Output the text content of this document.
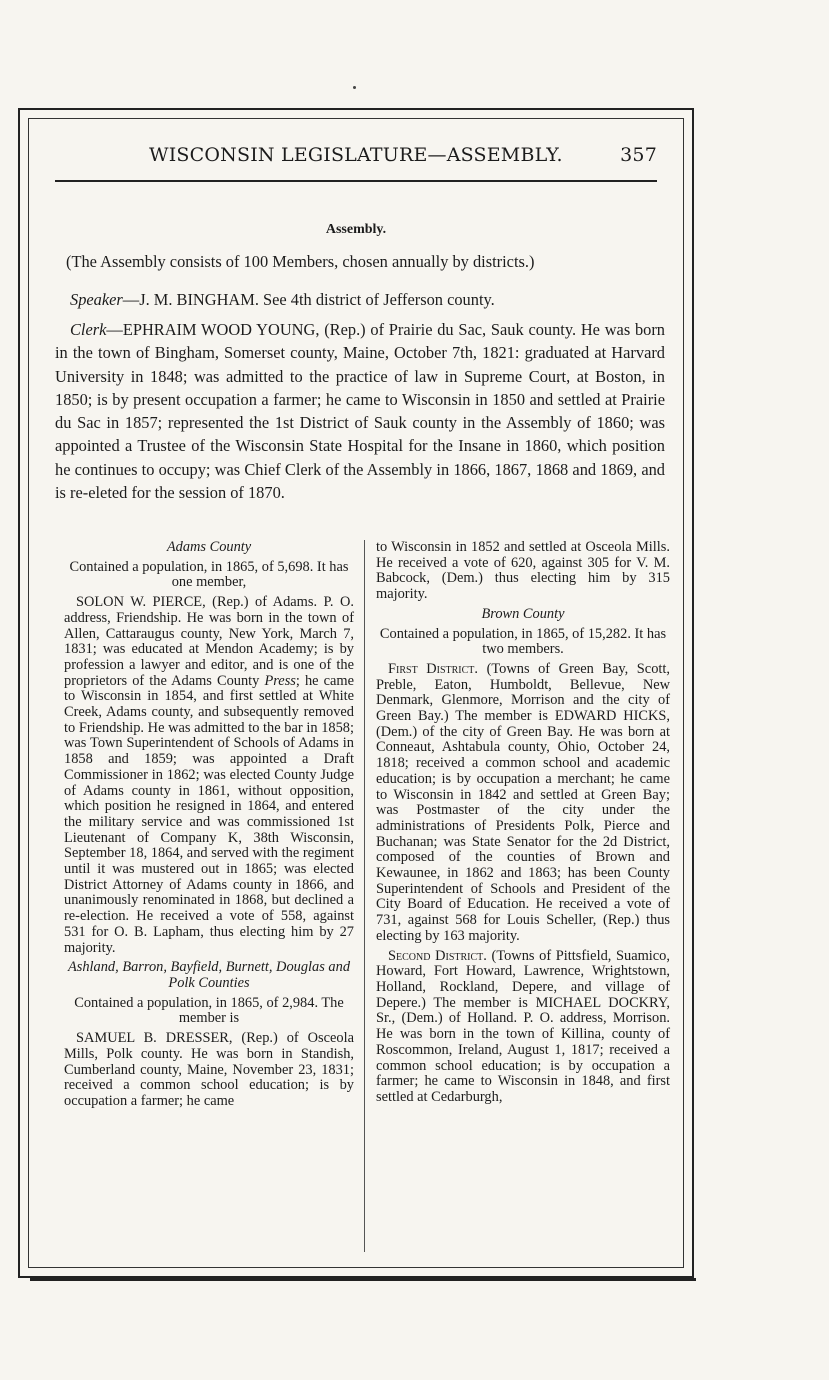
WISCONSIN LEGISLATURE—ASSEMBLY.	357
Assembly.
(The Assembly consists of 100 Members, chosen annually by districts.)
Speaker—J. M. BINGHAM. See 4th district of Jefferson county.
Clerk—EPHRAIM WOOD YOUNG, (Rep.) of Prairie du Sac, Sauk county. He was born in the town of Bingham, Somerset county, Maine, October 7th, 1821: graduated at Harvard University in 1848; was admitted to the practice of law in Supreme Court, at Boston, in 1850; is by present occupation a farmer; he came to Wisconsin in 1850 and settled at Prairie du Sac in 1857; represented the 1st District of Sauk county in the Assembly of 1860; was appointed a Trustee of the Wisconsin State Hospital for the Insane in 1860, which position he continues to occupy; was Chief Clerk of the Assembly in 1866, 1867, 1868 and 1869, and is re-eleted for the session of 1870.
Adams County
Contained a population, in 1865, of 5,698. It has one member,

SOLON W. PIERCE, (Rep.) of Adams. P. O. address, Friendship. He was born in the town of Allen, Cattaraugus county, New York, March 7, 1831; was educated at Mendon Academy; is by profession a lawyer and editor, and is one of the proprietors of the Adams County Press; he came to Wisconsin in 1854, and first settled at White Creek, Adams county, and subsequently removed to Friendship. He was admitted to the bar in 1858; was Town Superintendent of Schools of Adams in 1858 and 1859; was appointed a Draft Commissioner in 1862; was elected County Judge of Adams county in 1861, without opposition, which position he resigned in 1864, and entered the military service and was commissioned 1st Lieutenant of Company K, 38th Wisconsin, September 18, 1864, and served with the regiment until it was mustered out in 1865; was elected District Attorney of Adams county in 1866, and unanimously renominated in 1868, but declined a re-election. He received a vote of 558, against 531 for O. B. Lapham, thus electing him by 27 majority.

Ashland, Barron, Bayfield, Burnett, Douglas and Polk Counties
Contained a population, in 1865, of 2,984. The member is

SAMUEL B. DRESSER, (Rep.) of Osceola Mills, Polk county. He was born in Standish, Cumberland county, Maine, November 23, 1831; received a common school education; is by occupation a farmer; he came

to Wisconsin in 1852 and settled at Osceola Mills. He received a vote of 620, against 305 for V. M. Babcock, (Dem.) thus electing him by 315 majority.

Brown County
Contained a population, in 1865, of 15,282. It has two members.

First District. (Towns of Green Bay, Scott, Preble, Eaton, Humboldt, Bellevue, New Denmark, Glenmore, Morrison and the city of Green Bay.) The member is EDWARD HICKS, (Dem.) of the city of Green Bay. He was born at Conneaut, Ashtabula county, Ohio, October 24, 1818; received a common school and academic education; is by occupation a merchant; he came to Wisconsin in 1842 and settled at Green Bay; was Postmaster of the city under the administrations of Presidents Polk, Pierce and Buchanan; was State Senator for the 2d District, composed of the counties of Brown and Kewaunee, in 1862 and 1863; has been County Superintendent of Schools and President of the City Board of Education. He received a vote of 731, against 568 for Louis Scheller, (Rep.) thus electing by 163 majority.

Second District. (Towns of Pittsfield, Suamico, Howard, Fort Howard, Lawrence, Wrightstown, Holland, Rockland, Depere, and village of Depere.) The member is MICHAEL DOCKRY, Sr., (Dem.) of Holland. P. O. address, Morrison. He was born in the town of Killina, county of Roscommon, Ireland, August 1, 1817; received a common school education; is by occupation a farmer; he came to Wisconsin in 1848, and first settled at Cedarburgh,
